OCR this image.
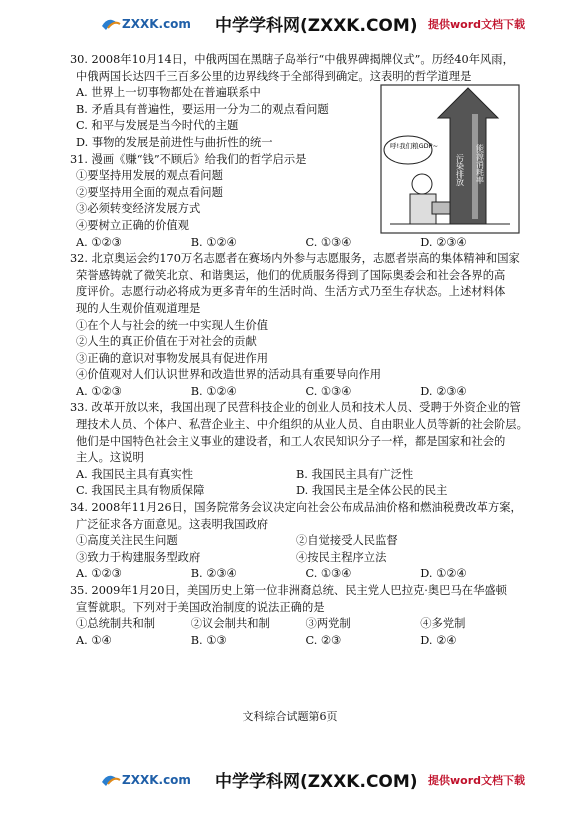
ZXXK.com 中学学科网(ZXXK.COM) 提供word文档下载
30. 2008年10月14日，中俄两国在黑瞎子岛举行“中俄界碑揭牌仪式”。历经40年风雨，
中俄两国长达四千三百多公里的边界线终于全部得到确定。这表明的哲学道理是
A. 世界上一切事物都处在普遍联系中
B. 矛盾具有普遍性，要运用一分为二的观点看问题
C. 和平与发展是当今时代的主题
D. 事物的发展是前进性与曲折性的统一
31. 漫画《赚“钱”不顾后》给我们的哲学启示是
①要坚持用发展的观点看问题
②要坚持用全面的观点看问题
③必须转变经济发展方式
④要树立正确的价值观
A. ①②③	B. ①②④	C. ①③④	D. ②③④
32. 北京奥运会约170万名志愿者在赛场内外参与志愿服务，志愿者崇高的集体精神和国家
荣誉感铸就了微笑北京、和谐奥运，他们的优质服务得到了国际奥委会和社会各界的高
度评价。志愿行动必将成为更多青年的生活时尚、生活方式乃至生存状态。上述材料体
现的人生观价值观道理是
①在个人与社会的统一中实现人生价值
②人生的真正价值在于对社会的贡献
③正确的意识对事物发展具有促进作用
④价值观对人们认识世界和改造世界的活动具有重要导向作用
A. ①②③	B. ①②④	C. ①③④	D. ②③④
33. 改革开放以来，我国出现了民营科技企业的创业人员和技术人员、受聘于外资企业的管
理技术人员、个体户、私营企业主、中介组织的从业人员、自由职业人员等新的社会阶层。
他们是中国特色社会主义事业的建设者，和工人农民知识分子一样，都是国家和社会的
主人。这说明
A. 我国民主具有真实性	B. 我国民主具有广泛性
C. 我国民主具有物质保障	D. 我国民主是全体公民的民主
34. 2008年11月26日，国务院常务会议决定向社会公布成品油价格和燃油税费改革方案，
广泛征求各方面意见。这表明我国政府
①高度关注民生问题	②自觉接受人民监督
③致力于构建服务型政府	④按民主程序立法
A. ①②③	B. ②③④	C. ①③④	D. ①②④
35. 2009年1月20日，美国历史上第一位非洲裔总统、民主党人巴拉克·奥巴马在华盛顿
宣誓就职。下列对于美国政治制度的说法正确的是
①总统制共和制	②议会制共和制	③两党制	④多党制
A. ①④	B. ①③	C. ②③	D. ②④
能源消耗率
污染排放
呼!我们粮GDP~
文科综合试题第6页
ZXXK.com 中学学科网(ZXXK.COM) 提供word文档下载
